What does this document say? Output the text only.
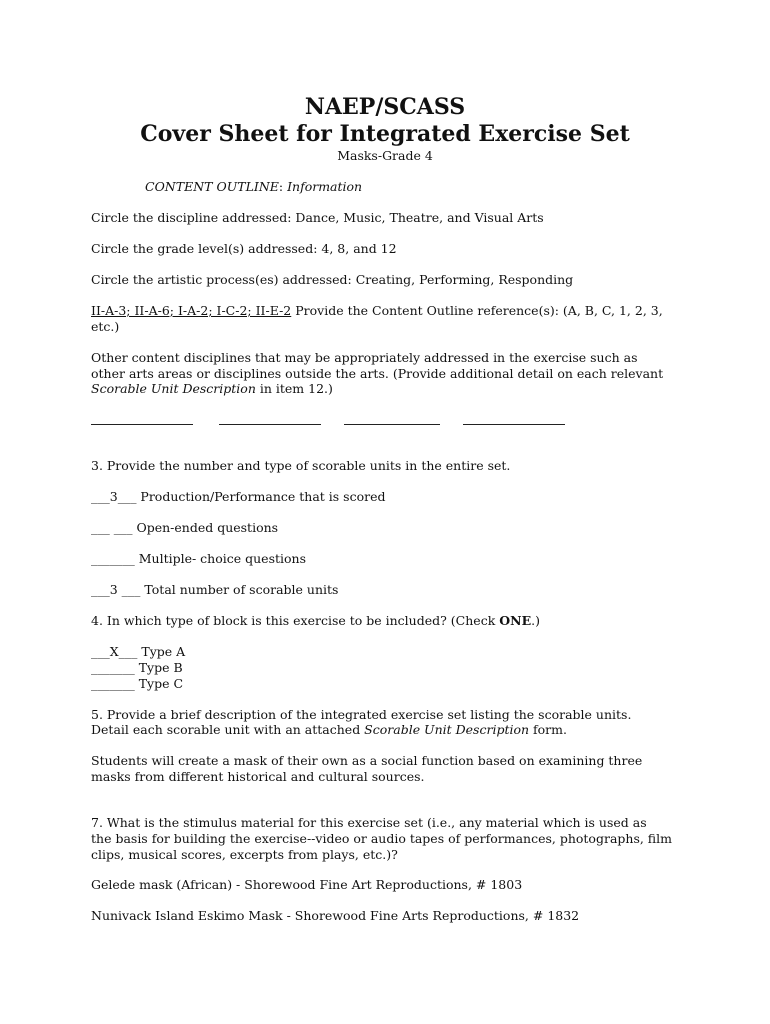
NAEP/SCASS
Cover Sheet for Integrated Exercise Set
Masks-Grade 4
CONTENT OUTLINE: Information
Circle the discipline addressed: Dance, Music, Theatre, and Visual Arts
Circle the grade level(s) addressed: 4, 8, and 12
Circle the artistic process(es) addressed: Creating, Performing, Responding
II-A-3; II-A-6; I-A-2; I-C-2; II-E-2 Provide the Content Outline reference(s): (A, B, C, 1, 2, 3, etc.)
Other content disciplines that may be appropriately addressed in the exercise such as
other arts areas or disciplines outside the arts. (Provide additional detail on each relevant
Scorable Unit Description in item 12.)
3. Provide the number and type of scorable units in the entire set.
___3___ Production/Performance that is scored
___ ___ Open-ended questions
_______ Multiple- choice questions
___3 ___ Total number of scorable units
4. In which type of block is this exercise to be included? (Check ONE.)
___X___ Type A
_______ Type B
_______ Type C
5. Provide a brief description of the integrated exercise set listing the scorable units.
Detail each scorable unit with an attached Scorable Unit Description form.
Students will create a mask of their own as a social function based on examining three
masks from different historical and cultural sources.
7. What is the stimulus material for this exercise set (i.e., any material which is used as
the basis for building the exercise--video or audio tapes of performances, photographs, film
clips, musical scores, excerpts from plays, etc.)?
Gelede mask (African) - Shorewood Fine Art Reproductions, # 1803
Nunivack Island Eskimo Mask - Shorewood Fine Arts Reproductions, # 1832
